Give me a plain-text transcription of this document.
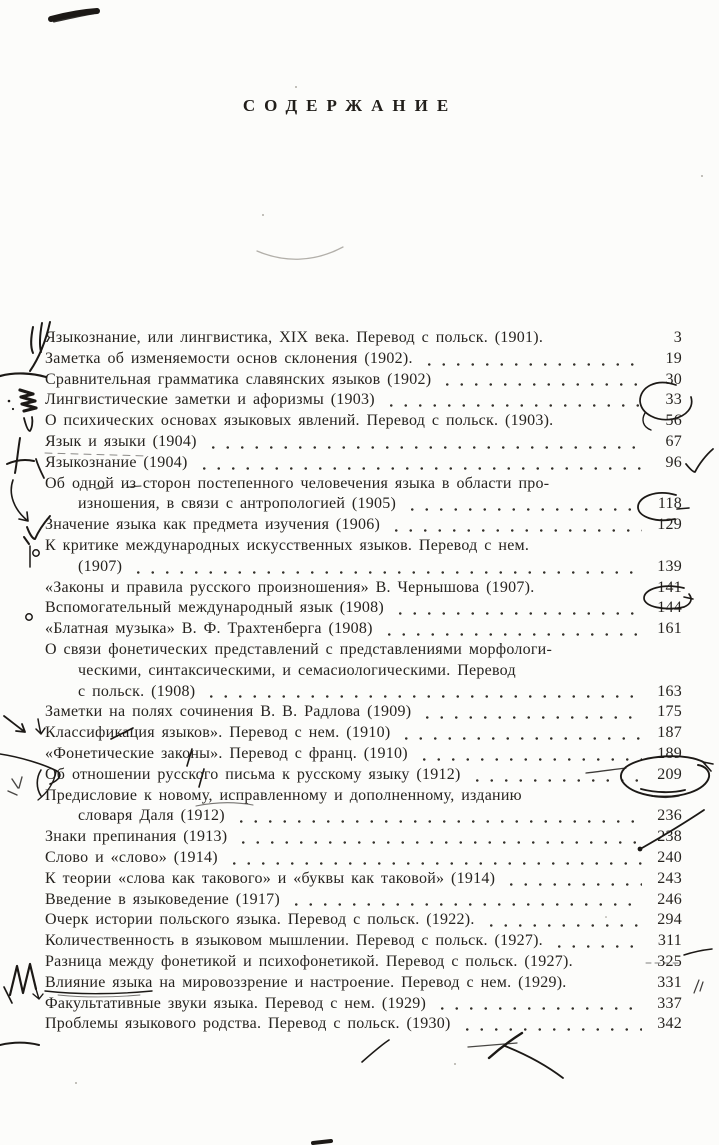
СОДЕРЖАНИЕ
Языкознание, или лингвистика, XIX века. Перевод с польск. (1901).	3
Заметка об изменяемости основ склонения (1902).	19
Сравнительная грамматика славянских языков (1902)	30
Лингвистические заметки и афоризмы (1903)	33
О психических основах языковых явлений. Перевод с польск. (1903).	56
Язык и языки (1904)	67
Языкознание (1904)	96
Об одной из сторон постепенного человечения языка в области про-
изношения, в связи с антропологией (1905)	118
Значение языка как предмета изучения (1906)	129
К критике международных искусственных языков. Перевод с нем.
(1907)	139
«Законы и правила русского произношения» В. Чернышова (1907).	141
Вспомогательный международный язык (1908)	144
«Блатная музыка» В. Ф. Трахтенберга (1908)	161
О связи фонетических представлений с представлениями морфологи-
ческими, синтаксическими, и семасиологическими. Перевод
с польск. (1908)	163
Заметки на полях сочинения В. В. Радлова (1909)	175
Классификация языков». Перевод с нем. (1910)	187
«Фонетические законы». Перевод с франц. (1910)	189
Об отношении русского письма к русскому языку (1912)	209
Предисловие к новому, исправленному и дополненному, изданию
словаря Даля (1912)	236
Знаки препинания (1913)	238
Слово и «слово» (1914)	240
К теории «слова как такового» и «буквы как таковой» (1914)	243
Введение в языковедение (1917)	246
Очерк истории польского языка. Перевод с польск. (1922).	294
Количественность в языковом мышлении. Перевод с польск. (1927).	311
Разница между фонетикой и психофонетикой. Перевод с польск. (1927).	325
Влияние языка на мировоззрение и настроение. Перевод с нем. (1929).	331
Факультативные звуки языка. Перевод с нем. (1929)	337
Проблемы языкового родства. Перевод с польск. (1930)	342
